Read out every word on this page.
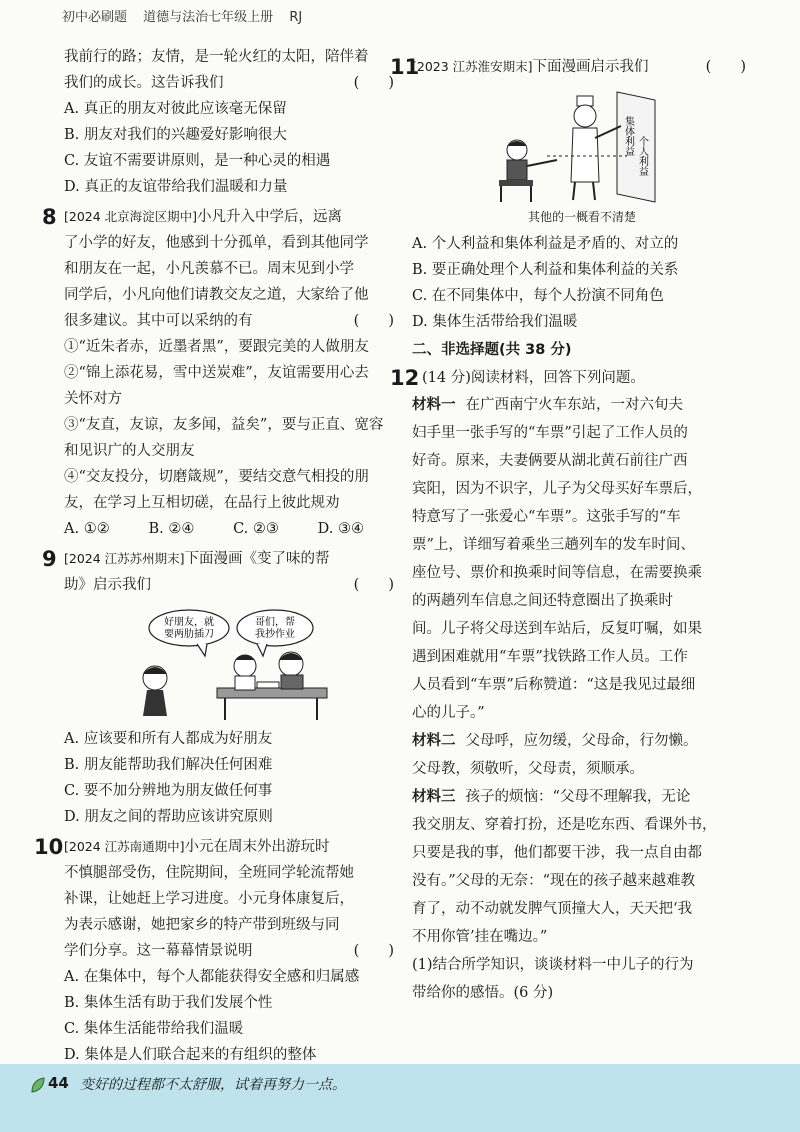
初中必刷题 道德与法治七年级上册 RJ

我前行的路；友情，是一轮火红的太阳，陪伴着

我们的成长。这告诉我们	(　　)

A. 真正的朋友对彼此应该毫无保留

B. 朋友对我们的兴趣爱好影响很大

C. 友谊不需要讲原则，是一种心灵的相遇

D. 真正的友谊带给我们温暖和力量

8 [2024 北京海淀区期中]小凡升入中学后，远离

了小学的好友，他感到十分孤单，看到其他同学

和朋友在一起，小凡羡慕不已。周末见到小学

同学后，小凡向他们请教交友之道，大家给了他

很多建议。其中可以采纳的有	(　　)

①“近朱者赤，近墨者黑”，要跟完美的人做朋友

②“锦上添花易，雪中送炭难”，友谊需要用心去

关怀对方

③“友直，友谅，友多闻，益矣”，要与正直、宽容

和见识广的人交朋友

④“交友投分，切磨箴规”，要结交意气相投的朋

友，在学习上互相切磋，在品行上彼此规劝

A. ①②	B. ②④	C. ②③	D. ③④

9 [2024 江苏苏州期末]下面漫画《变了味的帮

助》启示我们	(　　)

好朋友，就
要两肋插刀
哥们，帮
我抄作业

A. 应该要和所有人都成为好朋友

B. 朋友能帮助我们解决任何困难

C. 要不加分辨地为朋友做任何事

D. 朋友之间的帮助应该讲究原则

10 [2024 江苏南通期中]小元在周末外出游玩时

不慎腿部受伤，住院期间，全班同学轮流帮她

补课，让她赶上学习进度。小元身体康复后，

为表示感谢，她把家乡的特产带到班级与同

学们分享。这一幕幕情景说明	(　　)

A. 在集体中，每个人都能获得安全感和归属感

B. 集体生活有助于我们发展个性

C. 集体生活能带给我们温暖

D. 集体是人们联合起来的有组织的整体

11
[2023 江苏淮安期末]下面漫画启示我们	(　　)

集体利益 个人利益

其他的一概看不清楚

A. 个人利益和集体利益是矛盾的、对立的

B. 要正确处理个人利益和集体利益的关系

C. 在不同集体中，每个人扮演不同角色

D. 集体生活带给我们温暖

二、非选择题(共 38 分)

12 (14 分)阅读材料，回答下列问题。

材料一 在广西南宁火车东站，一对六旬夫

妇手里一张手写的“车票”引起了工作人员的

好奇。原来，夫妻俩要从湖北黄石前往广西

宾阳，因为不识字，儿子为父母买好车票后，

特意写了一张爱心“车票”。这张手写的“车

票”上，详细写着乘坐三趟列车的发车时间、

座位号、票价和换乘时间等信息，在需要换乘

的两趟列车信息之间还特意圈出了换乘时

间。儿子将父母送到车站后，反复叮嘱，如果

遇到困难就用“车票”找铁路工作人员。工作

人员看到“车票”后称赞道：“这是我见过最细

心的儿子。”

材料二 父母呼，应勿缓，父母命，行勿懒。

父母教，须敬听，父母责，须顺承。

材料三 孩子的烦恼：“父母不理解我，无论

我交朋友、穿着打扮，还是吃东西、看课外书，

只要是我的事，他们都要干涉，我一点自由都

没有。”父母的无奈：“现在的孩子越来越难教

育了，动不动就发脾气顶撞大人，天天把‘我

不用你管’挂在嘴边。”

(1)结合所学知识，谈谈材料一中儿子的行为

带给你的感悟。(6 分)

44 变好的过程都不太舒服，试着再努力一点。
